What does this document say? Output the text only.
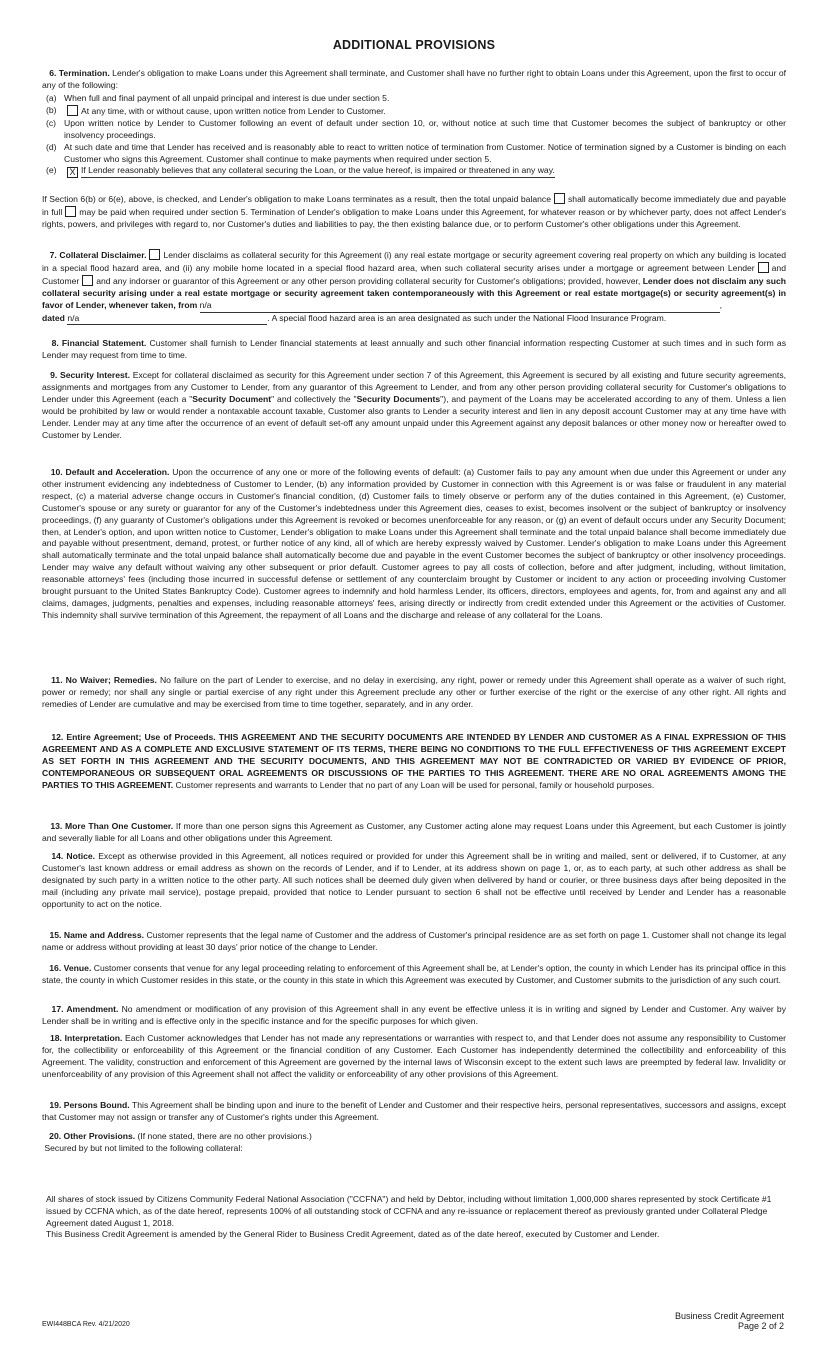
ADDITIONAL PROVISIONS

6. Termination. Lender's obligation to make Loans under this Agreement shall terminate, and Customer shall have no further right to obtain Loans under this Agreement, upon the first to occur of any of the following:

(a) When full and final payment of all unpaid principal and interest is due under section 5.
(b)	At any time, with or without cause, upon written notice from Lender to Customer.
(c) Upon written notice by Lender to Customer following an event of default under section 10, or, without notice at such time that Customer becomes the subject of bankruptcy or other insolvency proceedings.
(d) At such date and time that Lender has received and is reasonably able to react to written notice of termination from Customer. Notice of termination signed by a Customer is binding on each Customer who signs this Agreement. Customer shall continue to make payments when required under section 5.
(e)	X If Lender reasonably believes that any collateral securing the Loan, or the value hereof, is impaired or threatened in any way.

If Section 6(b) or 6(e), above, is checked, and Lender's obligation to make Loans terminates as a result, then the total unpaid balance shall automatically become immediately due and payable in full may be paid when required under section 5. Termination of Lender's obligation to make Loans under this Agreement, for whatever reason or by whichever party, does not affect Lender's rights, powers, and privileges with regard to, nor Customer's duties and liabilities to pay, the then existing balance due, or to perform Customer's other obligations under this Agreement.

7. Collateral Disclaimer. Lender disclaims as collateral security for this Agreement (i) any real estate mortgage or security agreement covering real property on which any building is located in a special flood hazard area, and (ii) any mobile home located in a special flood hazard area, when such collateral security arises under a mortgage or agreement between Lender and Customer and any indorser or guarantor of this Agreement or any other person providing collateral security for Customer's obligations; provided, however, Lender does not disclaim any such collateral security arising under a real estate mortgage or security agreement taken contemporaneously with this Agreement or real estate mortgage(s) or security agreement(s) in favor of Lender, whenever taken, from n/a	,
dated n/a	. A special flood hazard area is an area designated as such under the National Flood Insurance Program.

8. Financial Statement. Customer shall furnish to Lender financial statements at least annually and such other financial information respecting Customer at such times and in such form as Lender may request from time to time.

9. Security Interest. Except for collateral disclaimed as security for this Agreement under section 7 of this Agreement, this Agreement is secured by all existing and future security agreements, assignments and mortgages from any Customer to Lender, from any guarantor of this Agreement to Lender, and from any other person providing collateral security for Customer's obligations to Lender under this Agreement (each a "Security Document" and collectively the "Security Documents"), and payment of the Loans may be accelerated according to any of them. Unless a lien would be prohibited by law or would render a nontaxable account taxable, Customer also grants to Lender a security interest and lien in any deposit account Customer may at any time have with Lender. Lender may at any time after the occurrence of an event of default set-off any amount unpaid under this Agreement against any deposit balances or other money now or hereafter owed to Customer by Lender.

10. Default and Acceleration. Upon the occurrence of any one or more of the following events of default: (a) Customer fails to pay any amount when due under this Agreement or under any other instrument evidencing any indebtedness of Customer to Lender, (b) any information provided by Customer in connection with this Agreement is or was false or fraudulent in any material respect, (c) a material adverse change occurs in Customer's financial condition, (d) Customer fails to timely observe or perform any of the duties contained in this Agreement, (e) Customer, Customer's spouse or any surety or guarantor for any of the Customer's indebtedness under this Agreement dies, ceases to exist, becomes insolvent or the subject of bankruptcy or insolvency proceedings, (f) any guaranty of Customer's obligations under this Agreement is revoked or becomes unenforceable for any reason, or (g) an event of default occurs under any Security Document; then, at Lender's option, and upon written notice to Customer, Lender's obligation to make Loans under this Agreement shall terminate and the total unpaid balance shall become immediately due and payable without presentment, demand, protest, or further notice of any kind, all of which are hereby expressly waived by Customer. Lender's obligation to make Loans under this Agreement shall automatically terminate and the total unpaid balance shall automatically become due and payable in the event Customer becomes the subject of bankruptcy or other insolvency proceedings. Lender may waive any default without waiving any other subsequent or prior default. Customer agrees to pay all costs of collection, before and after judgment, including, without limitation, reasonable attorneys' fees (including those incurred in successful defense or settlement of any counterclaim brought by Customer or incident to any action or proceeding involving Customer brought pursuant to the United States Bankruptcy Code). Customer agrees to indemnify and hold harmless Lender, its officers, directors, employees and agents, for, from and against any and all claims, damages, judgments, penalties and expenses, including reasonable attorneys' fees, arising directly or indirectly from credit extended under this Agreement or the activities of Customer. This indemnity shall survive termination of this Agreement, the repayment of all Loans and the discharge and release of any collateral for the Loans.

11. No Waiver; Remedies. No failure on the part of Lender to exercise, and no delay in exercising, any right, power or remedy under this Agreement shall operate as a waiver of such right, power or remedy; nor shall any single or partial exercise of any right under this Agreement preclude any other or further exercise of the right or the exercise of any other right. All rights and remedies of Lender are cumulative and may be exercised from time to time together, separately, and in any order.

12. Entire Agreement; Use of Proceeds. THIS AGREEMENT AND THE SECURITY DOCUMENTS ARE INTENDED BY LENDER AND CUSTOMER AS A FINAL EXPRESSION OF THIS AGREEMENT AND AS A COMPLETE AND EXCLUSIVE STATEMENT OF ITS TERMS, THERE BEING NO CONDITIONS TO THE FULL EFFECTIVENESS OF THIS AGREEMENT EXCEPT AS SET FORTH IN THIS AGREEMENT AND THE SECURITY DOCUMENTS, AND THIS AGREEMENT MAY NOT BE CONTRADICTED OR VARIED BY EVIDENCE OF PRIOR, CONTEMPORANEOUS OR SUBSEQUENT ORAL AGREEMENTS OR DISCUSSIONS OF THE PARTIES TO THIS AGREEMENT. THERE ARE NO ORAL AGREEMENTS AMONG THE PARTIES TO THIS AGREEMENT. Customer represents and warrants to Lender that no part of any Loan will be used for personal, family or household purposes.

13. More Than One Customer. If more than one person signs this Agreement as Customer, any Customer acting alone may request Loans under this Agreement, but each Customer is jointly and severally liable for all Loans and other obligations under this Agreement.

14. Notice. Except as otherwise provided in this Agreement, all notices required or provided for under this Agreement shall be in writing and mailed, sent or delivered, if to Customer, at any Customer's last known address or email address as shown on the records of Lender, and if to Lender, at its address shown on page 1, or, as to each party, at such other address as shall be designated by such party in a written notice to the other party. All such notices shall be deemed duly given when delivered by hand or courier, or three business days after being deposited in the mail (including any private mail service), postage prepaid, provided that notice to Lender pursuant to section 6 shall not be effective until received by Lender and Lender has a reasonable opportunity to act on the notice.

15. Name and Address. Customer represents that the legal name of Customer and the address of Customer's principal residence are as set forth on page 1. Customer shall not change its legal name or address without providing at least 30 days' prior notice of the change to Lender.

16. Venue. Customer consents that venue for any legal proceeding relating to enforcement of this Agreement shall be, at Lender's option, the county in which Lender has its principal office in this state, the county in which Customer resides in this state, or the county in this state in which this Agreement was executed by Customer, and Customer submits to the jurisdiction of any such court.

17. Amendment. No amendment or modification of any provision of this Agreement shall in any event be effective unless it is in writing and signed by Lender and Customer. Any waiver by Lender shall be in writing and is effective only in the specific instance and for the specific purposes for which given.

18. Interpretation. Each Customer acknowledges that Lender has not made any representations or warranties with respect to, and that Lender does not assume any responsibility to Customer for, the collectibility or enforceability of this Agreement or the financial condition of any Customer. Each Customer has independently determined the collectibility and enforceability of this Agreement. The validity, construction and enforcement of this Agreement are governed by the internal laws of Wisconsin except to the extent such laws are preempted by federal law. Invalidity or unenforceability of any provision of this Agreement shall not affect the validity or enforceability of any other provisions of this Agreement.

19. Persons Bound. This Agreement shall be binding upon and inure to the benefit of Lender and Customer and their respective heirs, personal representatives, successors and assigns, except that Customer may not assign or transfer any of Customer's rights under this Agreement.

20. Other Provisions. (If none stated, there are no other provisions.)
Secured by but not limited to the following collateral:

All shares of stock issued by Citizens Community Federal National Association ("CCFNA") and held by Debtor, including without limitation 1,000,000 shares represented by stock Certificate #1 issued by CCFNA which, as of the date hereof, represents 100% of all outstanding stock of CCFNA and any re-issuance or replacement thereof as previously granted under Collateral Pledge Agreement dated August 1, 2018.

This Business Credit Agreement is amended by the General Rider to Business Credit Agreement, dated as of the date hereof, executed by Customer and Lender.

EWI448BCA Rev. 4/21/2020
Business Credit Agreement
Page 2 of 2
